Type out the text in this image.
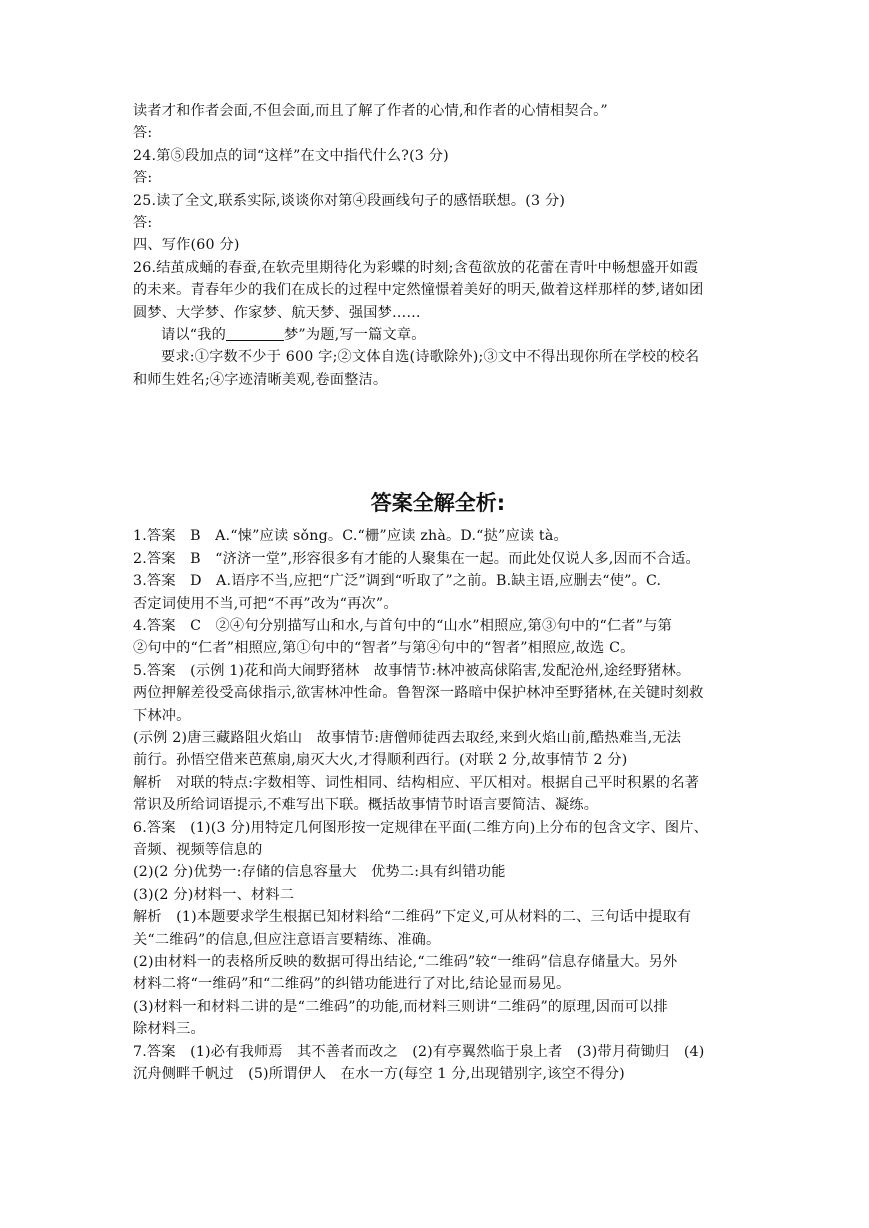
读者才和作者会面,不但会面,而且了解了作者的心情,和作者的心情相契合。”
答:
24.第⑤段加点的词“这样”在文中指代什么?(3 分)
答:
25.读了全文,联系实际,谈谈你对第④段画线句子的感悟联想。(3 分)
答:
四、写作(60 分)
26.结茧成蛹的春蚕,在软壳里期待化为彩蝶的时刻;含苞欲放的花蕾在青叶中畅想盛开如霞
的未来。青春年少的我们在成长的过程中定然憧憬着美好的明天,做着这样那样的梦,诸如团
圆梦、大学梦、作家梦、航天梦、强国梦……
请以“我的	梦”为题,写一篇文章。
要求:①字数不少于 600 字;②文体自选(诗歌除外);③文中不得出现你所在学校的校名
和师生姓名;④字迹清晰美观,卷面整洁。
答案全解全析:
1.答案　B　A.“悚”应读 sǒng。C.“栅”应读 zhà。D.“挞”应读 tà。
2.答案　B　“济济一堂”,形容很多有才能的人聚集在一起。而此处仅说人多,因而不合适。
3.答案　D　A.语序不当,应把“广泛”调到“听取了”之前。B.缺主语,应删去“使”。C.
否定词使用不当,可把“不再”改为“再次”。
4.答案　C　②④句分别描写山和水,与首句中的“山水”相照应,第③句中的“仁者”与第
②句中的“仁者”相照应,第①句中的“智者”与第④句中的“智者”相照应,故选 C。
5.答案　(示例 1)花和尚大闹野猪林　故事情节:林冲被高俅陷害,发配沧州,途经野猪林。
两位押解差役受高俅指示,欲害林冲性命。鲁智深一路暗中保护林冲至野猪林,在关键时刻救
下林冲。
(示例 2)唐三藏路阻火焰山　故事情节:唐僧师徒西去取经,来到火焰山前,酷热难当,无法
前行。孙悟空借来芭蕉扇,扇灭大火,才得顺利西行。(对联 2 分,故事情节 2 分)
解析　对联的特点:字数相等、词性相同、结构相应、平仄相对。根据自己平时积累的名著
常识及所给词语提示,不难写出下联。概括故事情节时语言要简洁、凝练。
6.答案　(1)(3 分)用特定几何图形按一定规律在平面(二维方向)上分布的包含文字、图片、
音频、视频等信息的
(2)(2 分)优势一:存储的信息容量大　优势二:具有纠错功能
(3)(2 分)材料一、材料二
解析　(1)本题要求学生根据已知材料给“二维码”下定义,可从材料的二、三句话中提取有
关“二维码”的信息,但应注意语言要精练、准确。
(2)由材料一的表格所反映的数据可得出结论,“二维码”较“一维码”信息存储量大。另外
材料二将“一维码”和“二维码”的纠错功能进行了对比,结论显而易见。
(3)材料一和材料二讲的是“二维码”的功能,而材料三则讲“二维码”的原理,因而可以排
除材料三。
7.答案　(1)必有我师焉　其不善者而改之　(2)有亭翼然临于泉上者　(3)带月荷锄归　(4)
沉舟侧畔千帆过　(5)所谓伊人　在水一方(每空 1 分,出现错别字,该空不得分)
